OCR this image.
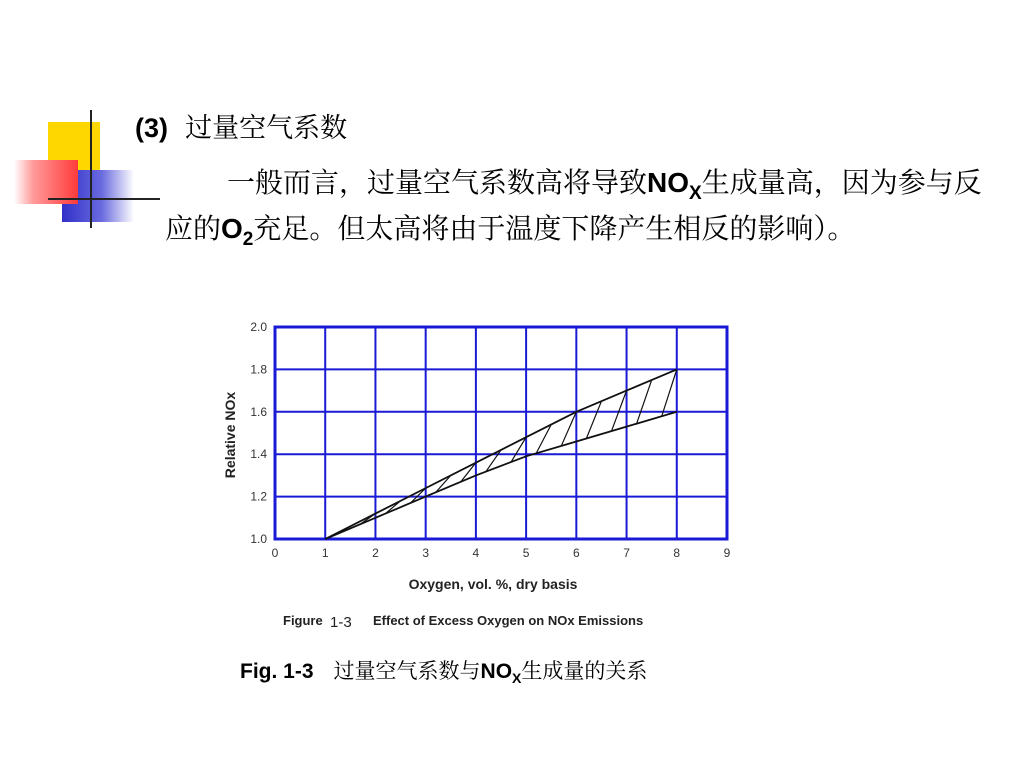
(3) 过量空气系数
一般而言，过量空气系数高将导致$NO_X$生成量高，因为参与反应的$O_2$充足。但太高将由于温度下降产生相反的影响）。
0	1	2	3	4	5	6	7	8	9
1.0
1.2
1.4
1.6
1.8
2.0
Oxygen, vol. %, dry basis
Relative NOx
Figure 1-3 Effect of Excess Oxygen on NOx Emissions
Fig. 1-3 过量空气系数与$NO_X$生成量的关系
